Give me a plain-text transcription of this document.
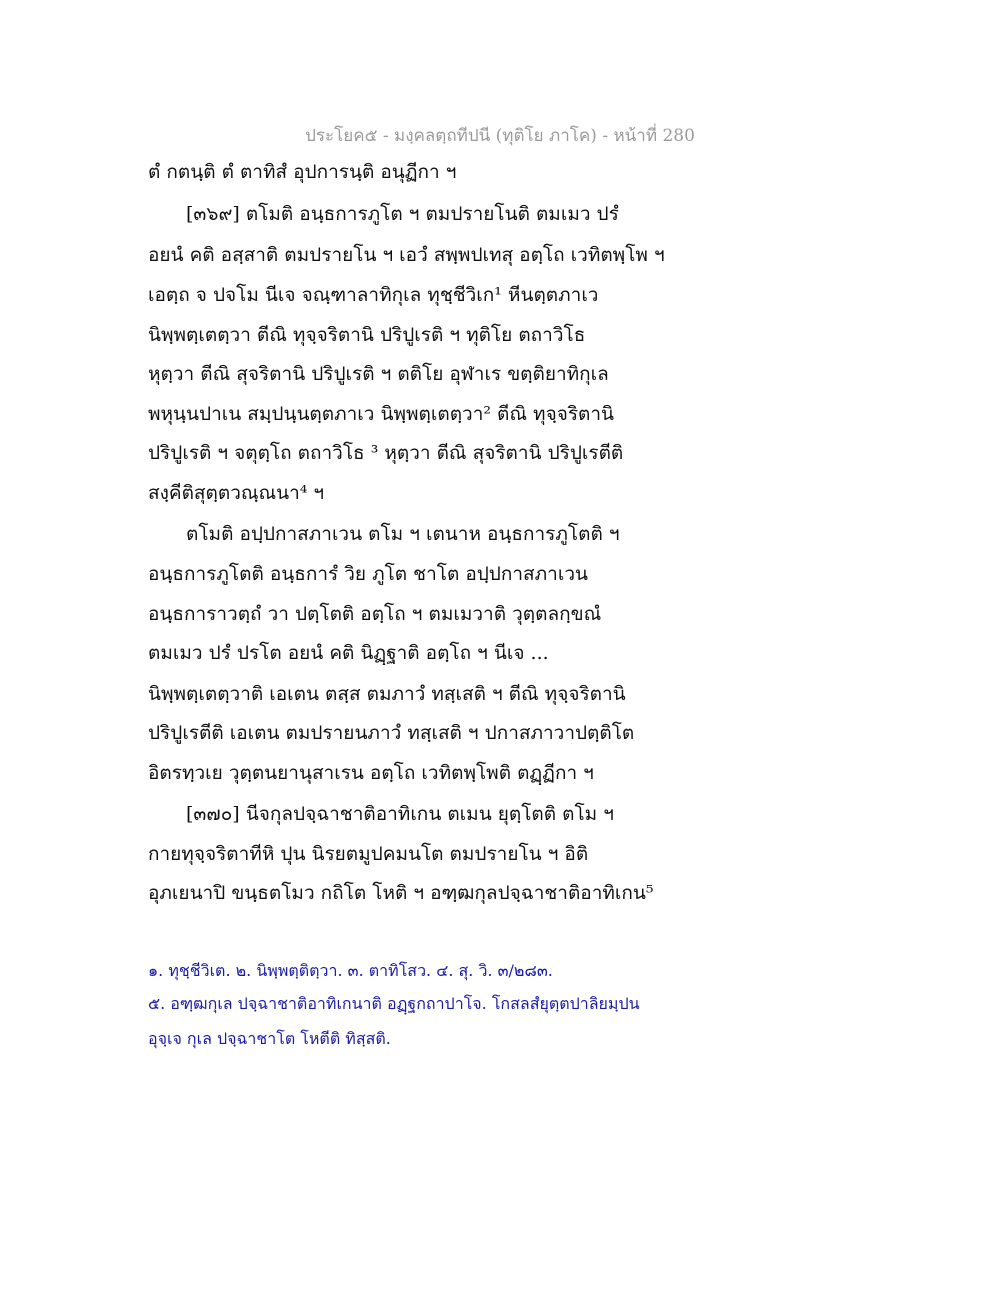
ประโยค๕ - มงฺคลตฺถทีปนี (ทุติโย ภาโค) - หน้าที่ 280
ตํ กตนฺติ ตํ ตาทิสํ อุปการนฺติ อนุฏีกา ฯ
[๓๖๙] ตโมติ อนฺธการภูโต ฯ ตมปรายโนติ ตมเมว ปรํ
อยนํ คติ อสฺสาติ ตมปรายโน ฯ เอวํ สพฺพปเทสุ อตฺโถ เวทิตพฺโพ ฯ
เอตฺถ จ ปจโม นีเจ จณฺฑาลาทิกุเล ทุชฺชีวิเก¹ หีนตฺตภาเว
นิพฺพตฺเตตฺวา ตีณิ ทุจฺจริตานิ ปริปูเรติ ฯ ทุติโย ตถาวิโธ
หุตฺวา ตีณิ สุจริตานิ ปริปูเรติ ฯ ตติโย อุฬาเร ขตฺติยาทิกุเล
พหุนฺนปาเน สมฺปนฺนตฺตภาเว นิพฺพตฺเตตฺวา² ตีณิ ทุจฺจริตานิ
ปริปูเรติ ฯ จตุตฺโถ ตถาวิโธ ³ หุตฺวา ตีณิ สุจริตานิ ปริปูเรตีติ
สงฺคีติสุตฺตวณฺณนา⁴ ฯ
ตโมติ อปฺปกาสภาเวน ตโม ฯ เตนาห อนฺธการภูโตติ ฯ
อนฺธการภูโตติ อนฺธการํ วิย ภูโต ชาโต อปฺปกาสภาเวน
อนฺธการาวตฺถํ วา ปตฺโตติ อตฺโถ ฯ ตมเมวาติ วุตฺตลกฺขณํ
ตมเมว ปรํ ปรโต อยนํ คติ นิฏฺฐาติ อตฺโถ ฯ นีเจ ...
นิพฺพตฺเตตฺวาติ เอเตน ตสฺส ตมภาวํ ทสฺเสติ ฯ ตีณิ ทุจฺจริตานิ
ปริปูเรตีติ เอเตน ตมปรายนภาวํ ทสฺเสติ ฯ ปกาสภาวาปตฺติโต
อิตรทฺวเย วุตฺตนยานุสาเรน อตฺโถ เวทิตพฺโพติ ตฏฺฏีกา ฯ
[๓๗๐] นีจกุลปจฺฉาชาติอาทิเกน ตเมน ยุตฺโตติ ตโม ฯ
กายทุจฺจริตาทีหิ ปุน นิรยตมูปคมนโต ตมปรายโน ฯ อิติ
อุภเยนาปิ ขนฺธตโมว กถิโต โหติ ฯ อฑฺฒกุลปจฺฉาชาติอาทิเกน⁵
๑. ทุชฺชีวิเต. ๒. นิพฺพตฺติตฺวา. ๓. ตาทิโสว. ๔. สุ. วิ. ๓/๒๘๓.
๕. อฑฺฒกุเล ปจฺฉาชาติอาทิเกนาติ อฏฺฐกถาปาโจ. โกสลสํยุตฺตปาลิยมฺปน
อุจฺเจ กุเล ปจฺฉาชาโต โหตีติ ทิสฺสติ.
